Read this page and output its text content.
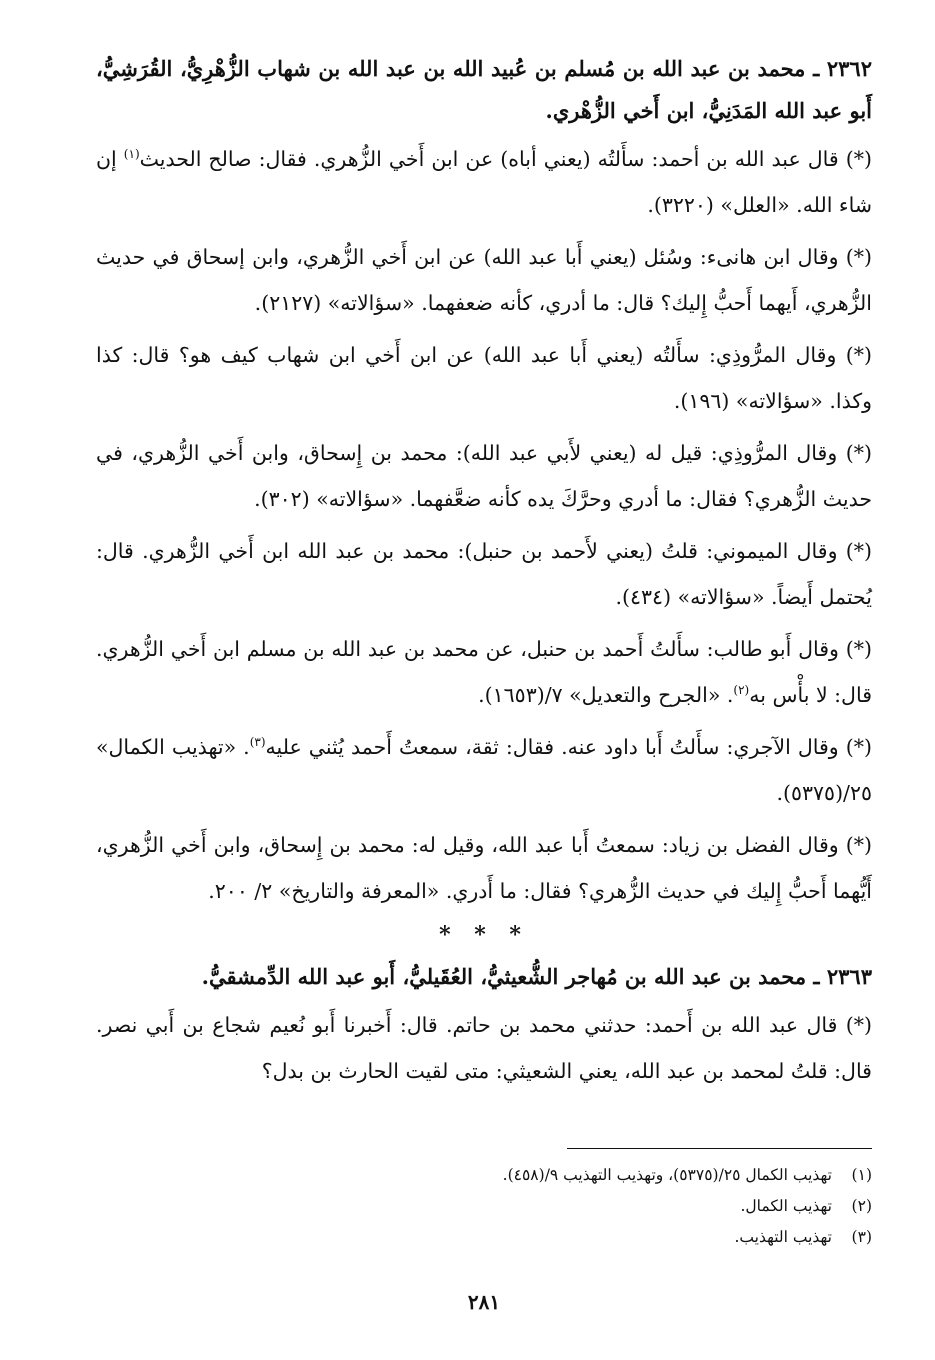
٢٣٦٢ ـ محمد بن عبد الله بن مُسلم بن عُبيد الله بن عبد الله بن شهاب الزُّهْرِيُّ، القُرَشِيُّ، أَبو عبد الله المَدَنِيُّ، ابن أَخي الزُّهْري.
(*) قال عبد الله بن أحمد: سأَلتُه (يعني أباه) عن ابن أَخي الزُّهري. فقال: صالح الحديث$^{(١)}$ إن شاء الله. «العلل» (٣٢٢٠).
(*) وقال ابن هانىء: وسُئل (يعني أَبا عبد الله) عن ابن أَخي الزُّهري، وابن إسحاق في حديث الزُّهري، أَيهما أَحبُّ إِليك؟ قال: ما أدري، كأنه ضعفهما. «سؤالاته» (٢١٢٧).
(*) وقال المرُّوذِي: سأَلتُه (يعني أَبا عبد الله) عن ابن أَخي ابن شهاب كيف هو؟ قال: كذا وكذا. «سؤالاته» (١٩٦).
(*) وقال المرُّوذِي: قيل له (يعني لأَبي عبد الله): محمد بن إِسحاق، وابن أَخي الزُّهري، في حديث الزُّهري؟ فقال: ما أدري وحرَّكَ يده كأنه ضعَّفهما. «سؤالاته» (٣٠٢).
(*) وقال الميموني: قلتُ (يعني لأَحمد بن حنبل): محمد بن عبد الله ابن أَخي الزُّهري. قال: يُحتمل أَيضاً. «سؤالاته» (٤٣٤).
(*) وقال أَبو طالب: سأَلتُ أَحمد بن حنبل، عن محمد بن عبد الله بن مسلم ابن أَخي الزُّهري. قال: لا بأْس به$^{(٢)}$. «الجرح والتعديل» ٧/(١٦٥٣).
(*) وقال الآجري: سأَلتُ أَبا داود عنه. فقال: ثقة، سمعتُ أَحمد يُثني عليه$^{(٣)}$. «تهذيب الكمال» ٢٥/(٥٣٧٥).
(*) وقال الفضل بن زياد: سمعتُ أَبا عبد الله، وقيل له: محمد بن إِسحاق، وابن أَخي الزُّهري، أَيُّهما أَحبُّ إِليك في حديث الزُّهري؟ فقال: ما أَدري. «المعرفة والتاريخ» ٢/ ٢٠٠.
* * *
٢٣٦٣ ـ محمد بن عبد الله بن مُهاجر الشُّعيثيُّ، العُقَيليُّ، أَبو عبد الله الدِّمشقيُّ.
(*) قال عبد الله بن أَحمد: حدثني محمد بن حاتم. قال: أَخبرنا أَبو نُعيم شجاع بن أَبي نصر. قال: قلتُ لمحمد بن عبد الله، يعني الشعيثي: متى لقيت الحارث بن بدل؟
(١)تهذيب الكمال ٢٥/(٥٣٧٥)، وتهذيب التهذيب ٩/(٤٥٨).
(٢)تهذيب الكمال.
(٣)تهذيب التهذيب.
٢٨١
